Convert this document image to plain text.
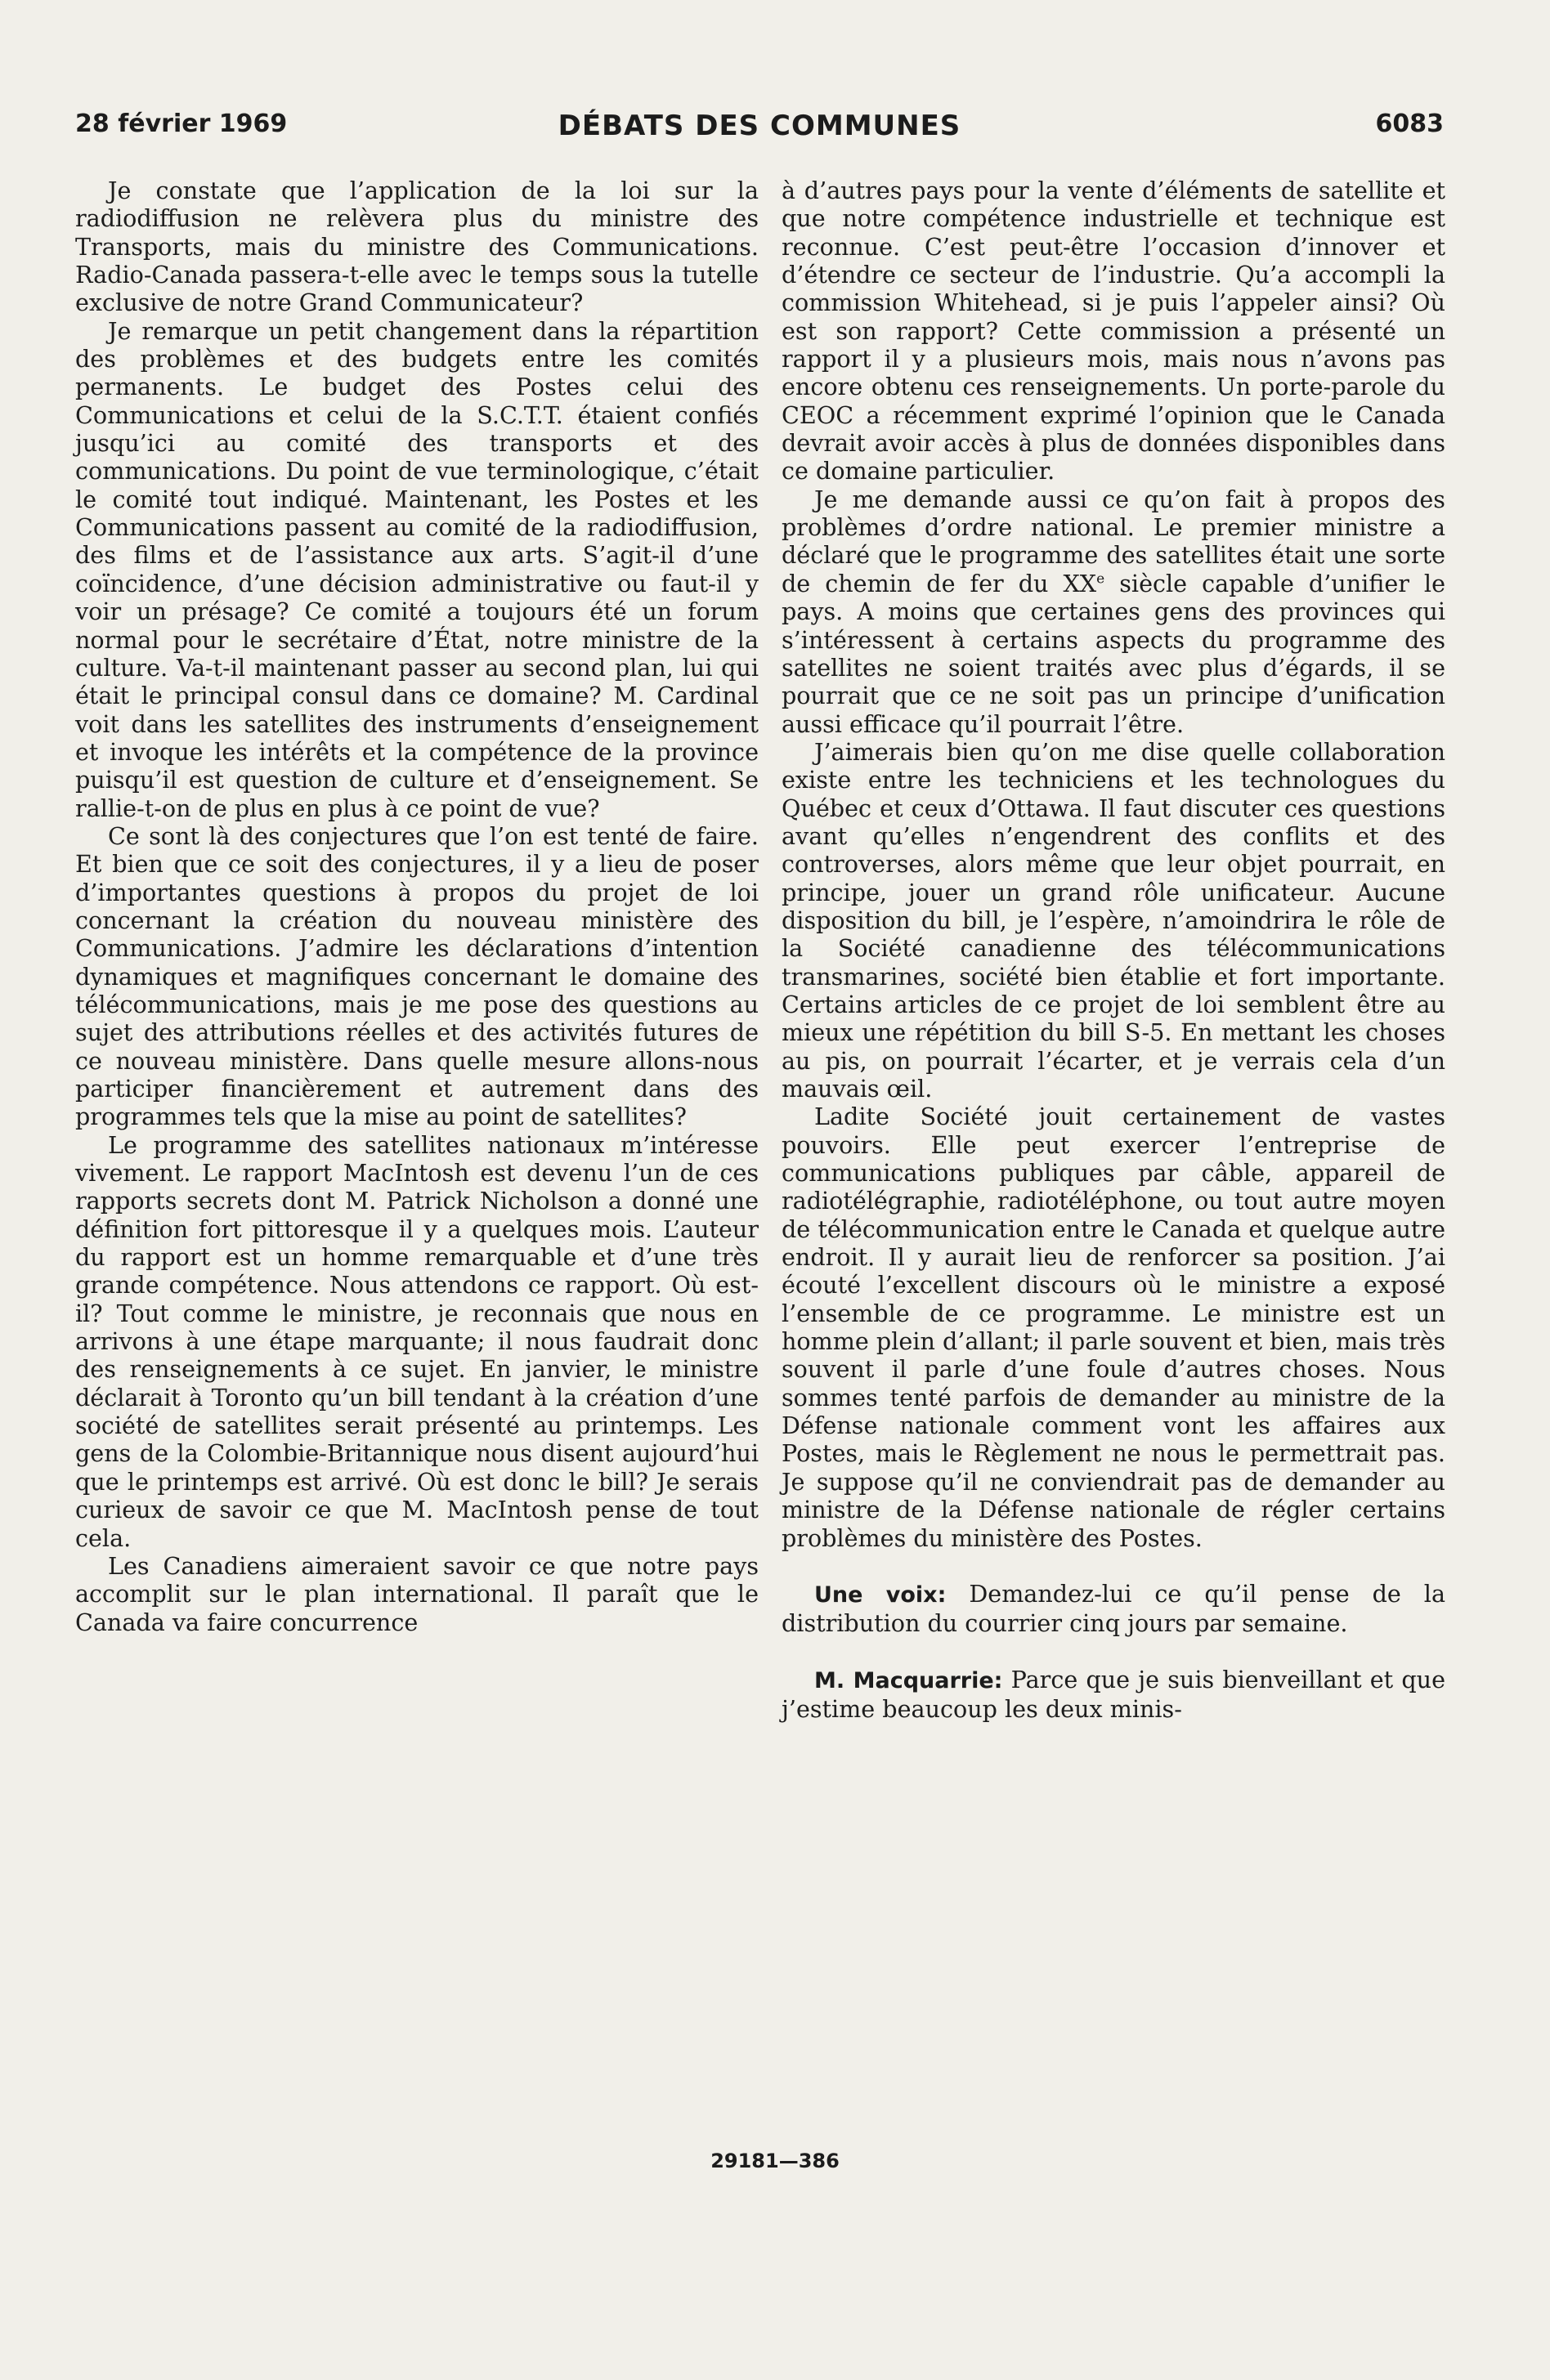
28 février 1969	DÉBATS DES COMMUNES	6083

Je constate que l’application de la loi sur la radiodiffusion ne relèvera plus du ministre des Transports, mais du ministre des Communications. Radio-Canada passera-t-elle avec le temps sous la tutelle exclusive de notre Grand Communicateur?

Je remarque un petit changement dans la répartition des problèmes et des budgets entre les comités permanents. Le budget des Postes celui des Communications et celui de la S.C.T.T. étaient confiés jusqu’ici au comité des transports et des communications. Du point de vue terminologique, c’était le comité tout indiqué. Maintenant, les Postes et les Communications passent au comité de la radiodiffusion, des films et de l’assistance aux arts. S’agit-il d’une coïncidence, d’une décision administrative ou faut-il y voir un présage? Ce comité a toujours été un forum normal pour le secrétaire d’État, notre ministre de la culture. Va-t-il maintenant passer au second plan, lui qui était le principal consul dans ce domaine? M. Cardinal voit dans les satellites des instruments d’enseignement et invoque les intérêts et la compétence de la province puisqu’il est question de culture et d’enseignement. Se rallie-t-on de plus en plus à ce point de vue?

Ce sont là des conjectures que l’on est tenté de faire. Et bien que ce soit des conjectures, il y a lieu de poser d’importantes questions à propos du projet de loi concernant la création du nouveau ministère des Communications. J’admire les déclarations d’intention dynamiques et magnifiques concernant le domaine des télécommunications, mais je me pose des questions au sujet des attributions réelles et des activités futures de ce nouveau ministère. Dans quelle mesure allons-nous participer financièrement et autrement dans des programmes tels que la mise au point de satellites?

Le programme des satellites nationaux m’intéresse vivement. Le rapport MacIntosh est devenu l’un de ces rapports secrets dont M. Patrick Nicholson a donné une définition fort pittoresque il y a quelques mois. L’auteur du rapport est un homme remarquable et d’une très grande compétence. Nous attendons ce rapport. Où est-il? Tout comme le ministre, je reconnais que nous en arrivons à une étape marquante; il nous faudrait donc des renseignements à ce sujet. En janvier, le ministre déclarait à Toronto qu’un bill tendant à la création d’une société de satellites serait présenté au printemps. Les gens de la Colombie-Britannique nous disent aujourd’hui que le printemps est arrivé. Où est donc le bill? Je serais curieux de savoir ce que M. MacIntosh pense de tout cela.

Les Canadiens aimeraient savoir ce que notre pays accomplit sur le plan international. Il paraît que le Canada va faire concurrence

à d’autres pays pour la vente d’éléments de satellite et que notre compétence industrielle et technique est reconnue. C’est peut-être l’occasion d’innover et d’étendre ce secteur de l’industrie. Qu’a accompli la commission Whitehead, si je puis l’appeler ainsi? Où est son rapport? Cette commission a présenté un rapport il y a plusieurs mois, mais nous n’avons pas encore obtenu ces renseignements. Un porte-parole du CEOC a récemment exprimé l’opinion que le Canada devrait avoir accès à plus de données disponibles dans ce domaine particulier.

Je me demande aussi ce qu’on fait à propos des problèmes d’ordre national. Le premier ministre a déclaré que le programme des satellites était une sorte de chemin de fer du XXe siècle capable d’unifier le pays. A moins que certaines gens des provinces qui s’intéressent à certains aspects du programme des satellites ne soient traités avec plus d’égards, il se pourrait que ce ne soit pas un principe d’unification aussi efficace qu’il pourrait l’être.

J’aimerais bien qu’on me dise quelle collaboration existe entre les techniciens et les technologues du Québec et ceux d’Ottawa. Il faut discuter ces questions avant qu’elles n’engendrent des conflits et des controverses, alors même que leur objet pourrait, en principe, jouer un grand rôle unificateur. Aucune disposition du bill, je l’espère, n’amoindrira le rôle de la Société canadienne des télécommunications transmarines, société bien établie et fort importante. Certains articles de ce projet de loi semblent être au mieux une répétition du bill S-5. En mettant les choses au pis, on pourrait l’écarter, et je verrais cela d’un mauvais œil.

Ladite Société jouit certainement de vastes pouvoirs. Elle peut exercer l’entreprise de communications publiques par câble, appareil de radiotélégraphie, radiotéléphone, ou tout autre moyen de télécommunication entre le Canada et quelque autre endroit. Il y aurait lieu de renforcer sa position. J’ai écouté l’excellent discours où le ministre a exposé l’ensemble de ce programme. Le ministre est un homme plein d’allant; il parle souvent et bien, mais très souvent il parle d’une foule d’autres choses. Nous sommes tenté parfois de demander au ministre de la Défense nationale comment vont les affaires aux Postes, mais le Règlement ne nous le permettrait pas. Je suppose qu’il ne conviendrait pas de demander au ministre de la Défense nationale de régler certains problèmes du ministère des Postes.

Une voix: Demandez-lui ce qu’il pense de la distribution du courrier cinq jours par semaine.

M. Macquarrie: Parce que je suis bienveillant et que j’estime beaucoup les deux minis-

29181—386
